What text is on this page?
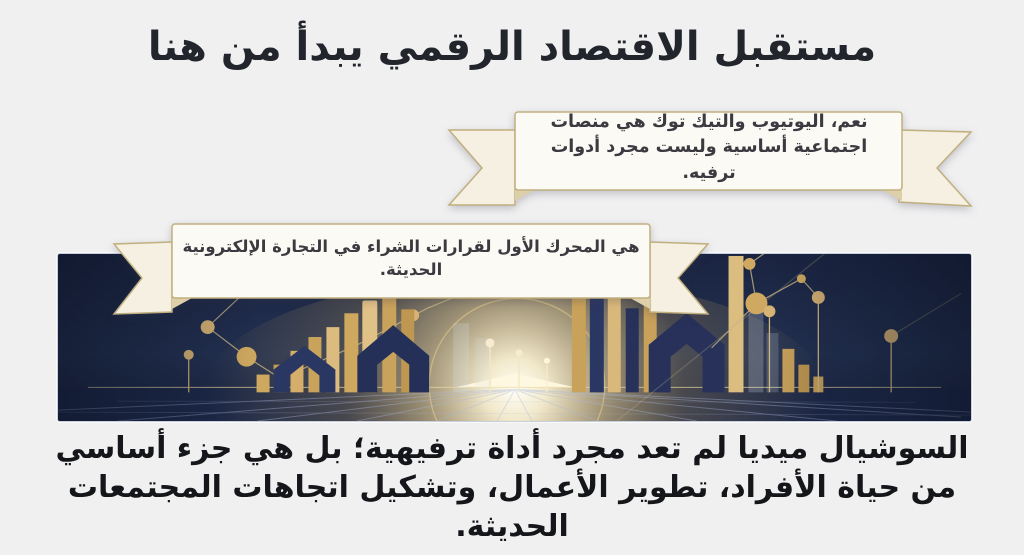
مستقبل الاقتصاد الرقمي يبدأ من هنا
نعم، اليوتيوب والتيك توك هي منصات اجتماعية أساسية وليست مجرد أدوات ترفيه.
هي المحرك الأول لقرارات الشراء في التجارة الإلكترونية الحديثة.

السوشيال ميديا لم تعد مجرد أداة ترفيهية؛ بل هي جزء أساسي من حياة الأفراد، تطوير الأعمال، وتشكيل اتجاهات المجتمعات الحديثة.
